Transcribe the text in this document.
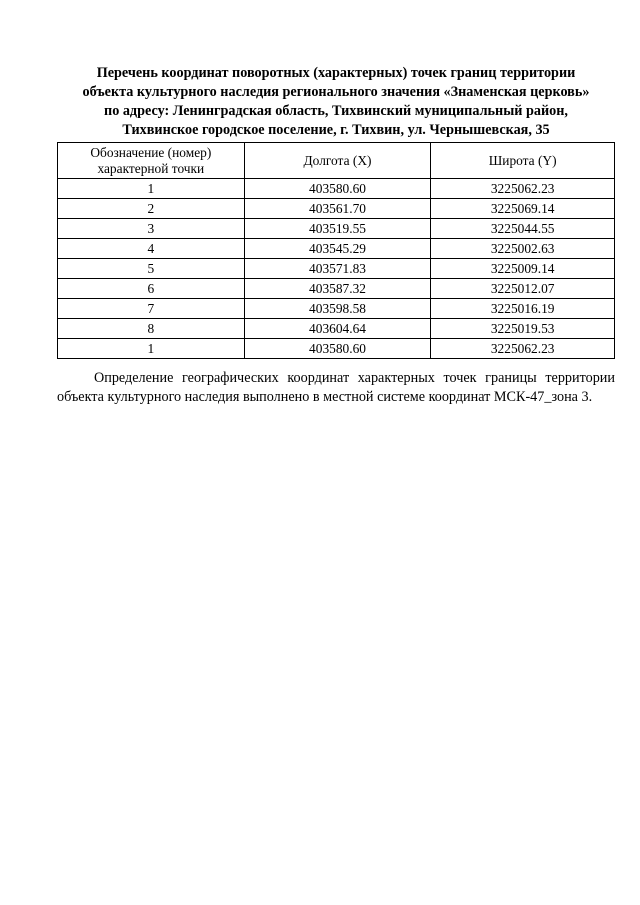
Перечень координат поворотных (характерных) точек границ территории
объекта культурного наследия регионального значения «Знаменская церковь»
по адресу: Ленинградская область, Тихвинский муниципальный район,
Тихвинское городское поселение, г. Тихвин, ул. Чернышевская, 35
Обозначение (номер)
характерной точки	Долгота (X)	Широта (Y)
1	403580.60	3225062.23
2	403561.70	3225069.14
3	403519.55	3225044.55
4	403545.29	3225002.63
5	403571.83	3225009.14
6	403587.32	3225012.07
7	403598.58	3225016.19
8	403604.64	3225019.53
1	403580.60	3225062.23
Определение географических координат характерных точек границы территории объекта культурного наследия выполнено в местной системе координат МСК-47_зона 3.
